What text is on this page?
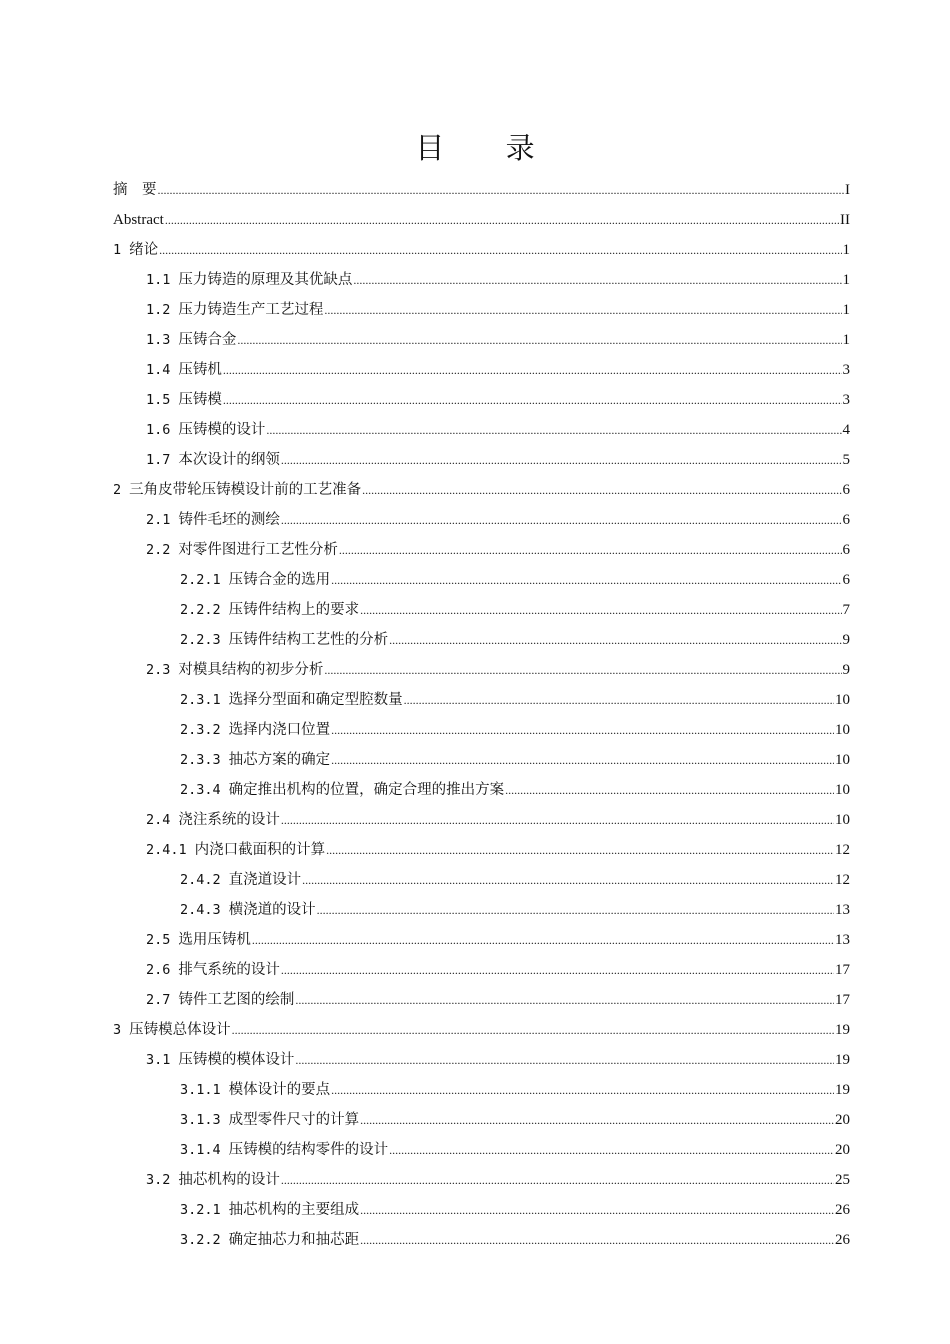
目 录
摘　要 .....	I
Abstract .....	II
1 绪论 .....	1
1.1 压力铸造的原理及其优缺点 .....	1
1.2 压力铸造生产工艺过程 .....	1
1.3 压铸合金 .....	1
1.4 压铸机 .....	3
1.5 压铸模 .....	3
1.6 压铸模的设计 .....	4
1.7 本次设计的纲领 .....	5
2 三角皮带轮压铸模设计前的工艺准备 .....	6
2.1 铸件毛坯的测绘 .....	6
2.2 对零件图进行工艺性分析 .....	6
2.2.1 压铸合金的选用 .....	6
2.2.2 压铸件结构上的要求 .....	7
2.2.3 压铸件结构工艺性的分析 .....	9
2.3 对模具结构的初步分析 .....	9
2.3.1 选择分型面和确定型腔数量 .....	10
2.3.2 选择内浇口位置 .....	10
2.3.3 抽芯方案的确定 .....	10
2.3.4 确定推出机构的位置，确定合理的推出方案 .....	10
2.4 浇注系统的设计 .....	10
2.4.1 内浇口截面积的计算 .....	12
2.4.2 直浇道设计 .....	12
2.4.3 横浇道的设计 .....	13
2.5 选用压铸机 .....	13
2.6 排气系统的设计 .....	17
2.7 铸件工艺图的绘制 .....	17
3 压铸模总体设计 .....	19
3.1 压铸模的模体设计 .....	19
3.1.1 模体设计的要点 .....	19
3.1.3 成型零件尺寸的计算 .....	20
3.1.4 压铸模的结构零件的设计 .....	20
3.2 抽芯机构的设计 .....	25
3.2.1 抽芯机构的主要组成 .....	26
3.2.2 确定抽芯力和抽芯距 .....	26
